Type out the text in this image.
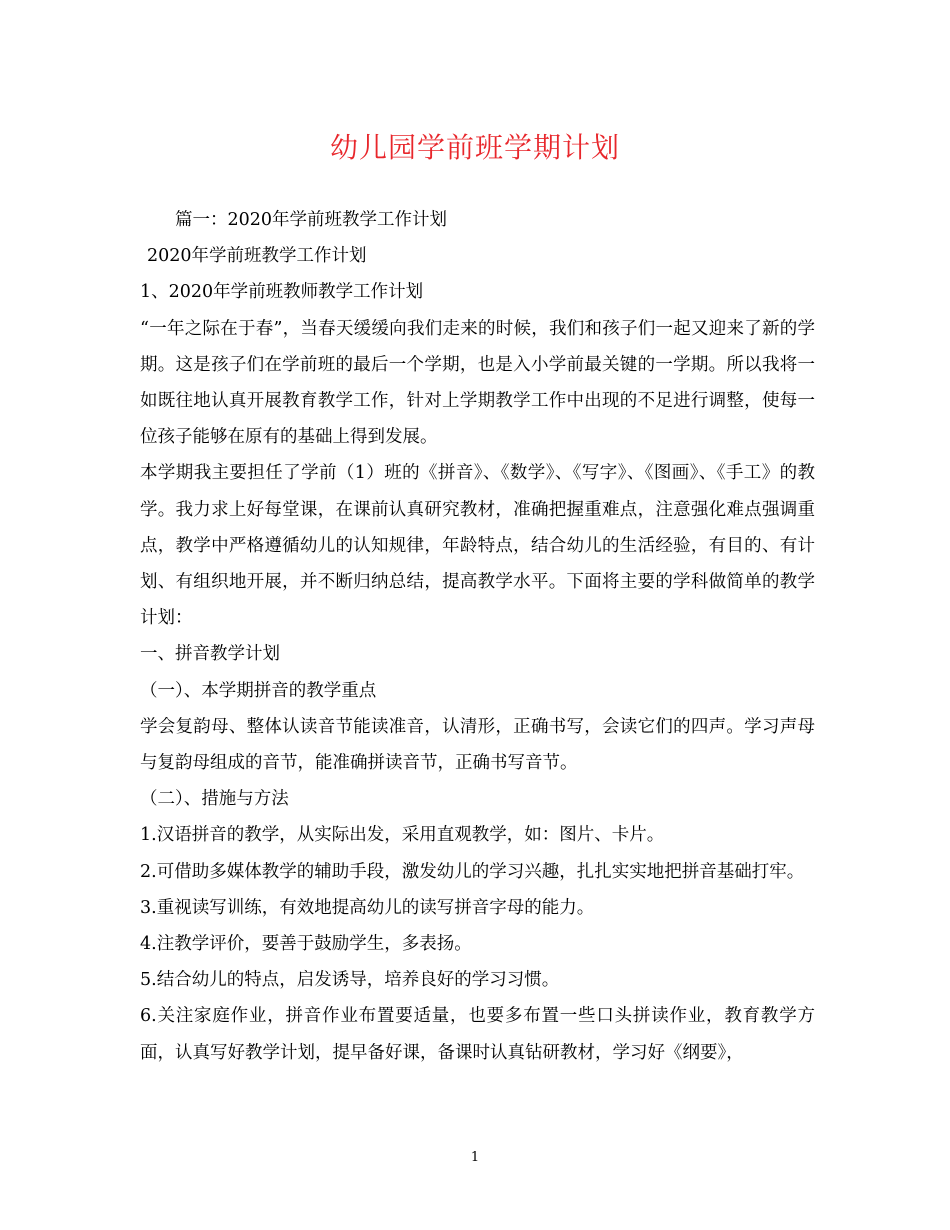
幼儿园学前班学期计划

篇一：2020年学前班教学工作计划

2020年学前班教学工作计划

1、2020年学前班教师教学工作计划

“一年之际在于春”，当春天缓缓向我们走来的时候，我们和孩子们一起又迎来了新的学期。这是孩子们在学前班的最后一个学期，也是入小学前最关键的一学期。所以我将一如既往地认真开展教育教学工作，针对上学期教学工作中出现的不足进行调整，使每一位孩子能够在原有的基础上得到发展。

本学期我主要担任了学前（1）班的《拼音》、《数学》、《写字》、《图画》、《手工》的教学。我力求上好每堂课，在课前认真研究教材，准确把握重难点，注意强化难点强调重点，教学中严格遵循幼儿的认知规律，年龄特点，结合幼儿的生活经验，有目的、有计划、有组织地开展，并不断归纳总结，提高教学水平。下面将主要的学科做简单的教学计划：

一、拼音教学计划

（一）、本学期拼音的教学重点

学会复韵母、整体认读音节能读准音，认清形，正确书写，会读它们的四声。学习声母与复韵母组成的音节，能准确拼读音节，正确书写音节。

（二）、措施与方法

1.汉语拼音的教学，从实际出发，采用直观教学，如：图片、卡片。

2.可借助多媒体教学的辅助手段，激发幼儿的学习兴趣，扎扎实实地把拼音基础打牢。

3.重视读写训练，有效地提高幼儿的读写拼音字母的能力。

4.注教学评价，要善于鼓励学生，多表扬。

5.结合幼儿的特点，启发诱导，培养良好的学习习惯。

6.关注家庭作业，拼音作业布置要适量，也要多布置一些口头拼读作业，教育教学方面，认真写好教学计划，提早备好课，备课时认真钻研教材，学习好《纲要》，

1
